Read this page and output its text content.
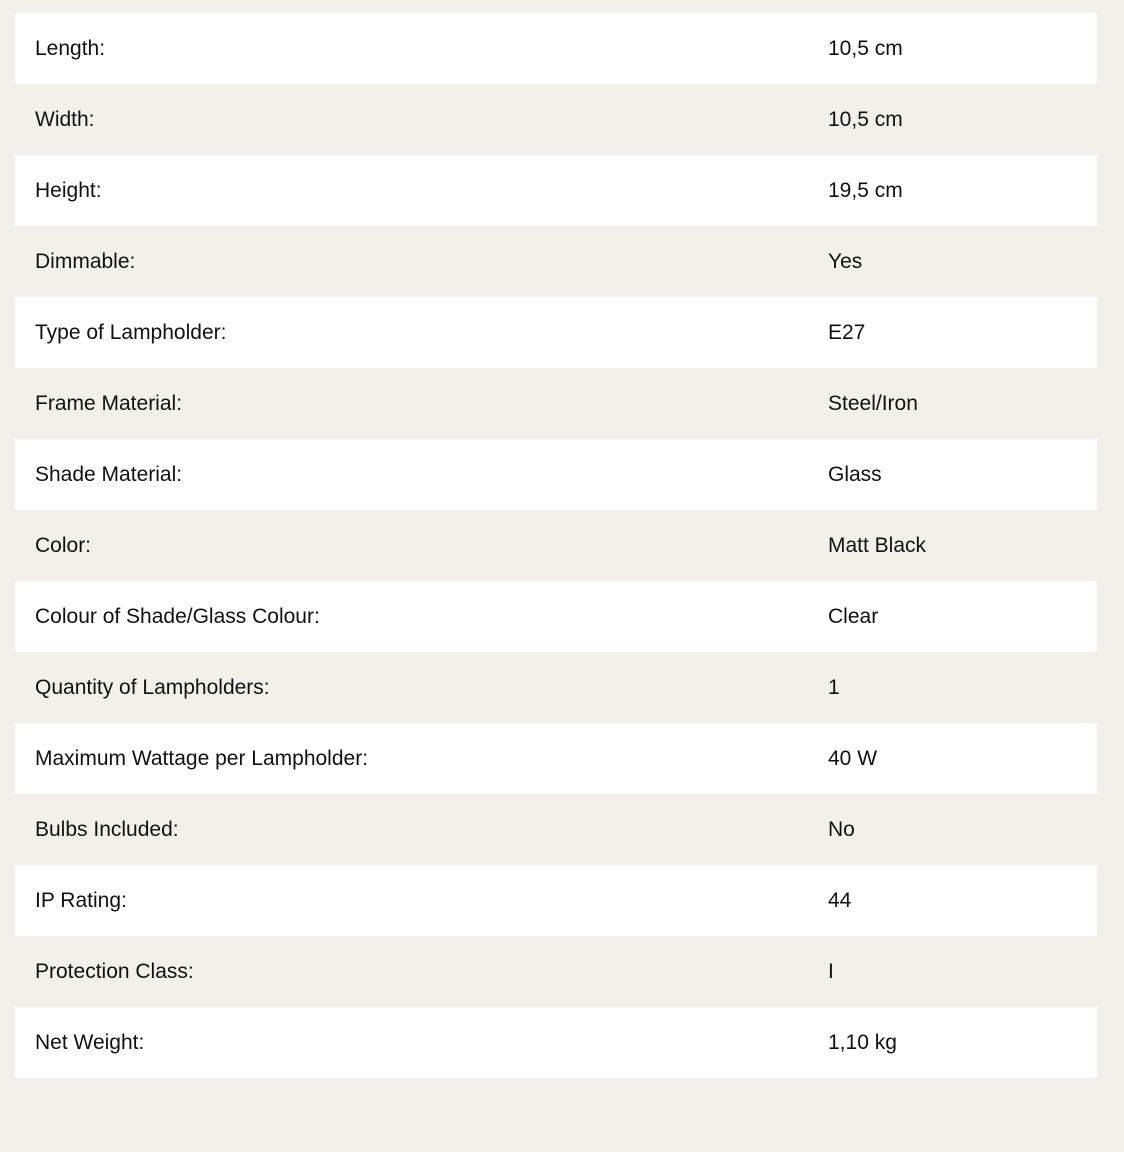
Length:	10,5 cm
Width:	10,5 cm
Height:	19,5 cm
Dimmable:	Yes
Type of Lampholder:	E27
Frame Material:	Steel/Iron
Shade Material:	Glass
Color:	Matt Black
Colour of Shade/Glass Colour:	Clear
Quantity of Lampholders:	1
Maximum Wattage per Lampholder:	40 W
Bulbs Included:	No
IP Rating:	44
Protection Class:	I
Net Weight:	1,10 kg
